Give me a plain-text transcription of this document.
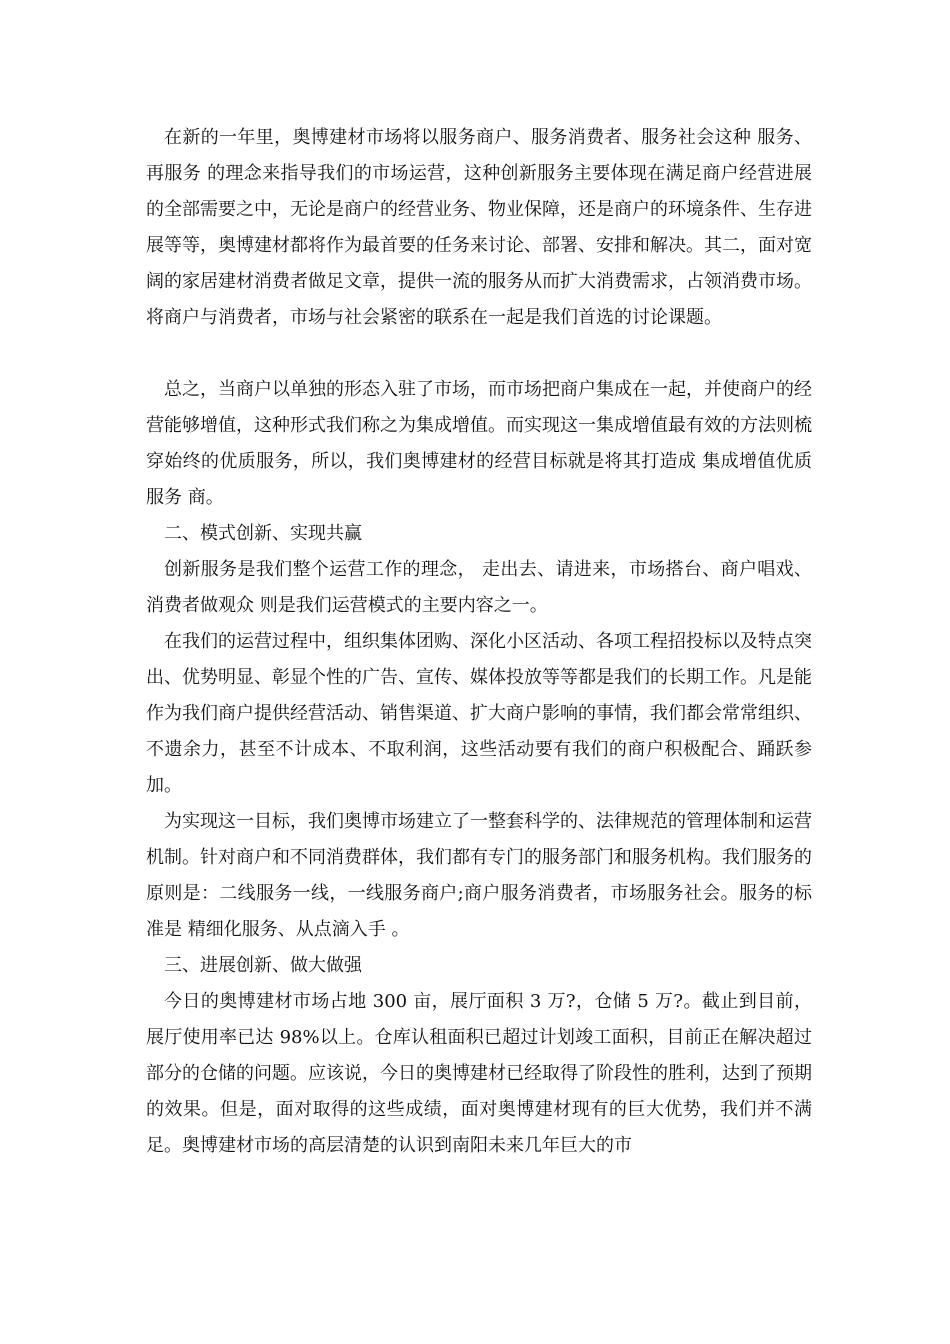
在新的一年里，奥博建材市场将以服务商户、服务消费者、服务社会这种 服务、再服务 的理念来指导我们的市场运营，这种创新服务主要体现在满足商户经营进展的全部需要之中，无论是商户的经营业务、物业保障，还是商户的环境条件、生存进展等等，奥博建材都将作为最首要的任务来讨论、部署、安排和解决。其二，面对宽阔的家居建材消费者做足文章，提供一流的服务从而扩大消费需求，占领消费市场。将商户与消费者，市场与社会紧密的联系在一起是我们首选的讨论课题。

总之，当商户以单独的形态入驻了市场，而市场把商户集成在一起，并使商户的经营能够增值，这种形式我们称之为集成增值。而实现这一集成增值最有效的方法则梳穿始终的优质服务，所以，我们奥博建材的经营目标就是将其打造成 集成增值优质服务 商。

二、模式创新、实现共赢

创新服务是我们整个运营工作的理念， 走出去、请进来，市场搭台、商户唱戏、消费者做观众 则是我们运营模式的主要内容之一。

在我们的运营过程中，组织集体团购、深化小区活动、各项工程招投标以及特点突出、优势明显、彰显个性的广告、宣传、媒体投放等等都是我们的长期工作。凡是能作为我们商户提供经营活动、销售渠道、扩大商户影响的事情，我们都会常常组织、不遗余力，甚至不计成本、不取利润，这些活动要有我们的商户积极配合、踊跃参加。

为实现这一目标，我们奥博市场建立了一整套科学的、法律规范的管理体制和运营机制。针对商户和不同消费群体，我们都有专门的服务部门和服务机构。我们服务的原则是：二线服务一线，一线服务商户;商户服务消费者，市场服务社会。服务的标准是 精细化服务、从点滴入手 。

三、进展创新、做大做强

今日的奥博建材市场占地 300 亩，展厅面积 3 万?，仓储 5 万?。截止到目前，展厅使用率已达 98%以上。仓库认租面积已超过计划竣工面积，目前正在解决超过部分的仓储的问题。应该说，今日的奥博建材已经取得了阶段性的胜利，达到了预期的效果。但是，面对取得的这些成绩，面对奥博建材现有的巨大优势，我们并不满足。奥博建材市场的高层清楚的认识到南阳未来几年巨大的市
